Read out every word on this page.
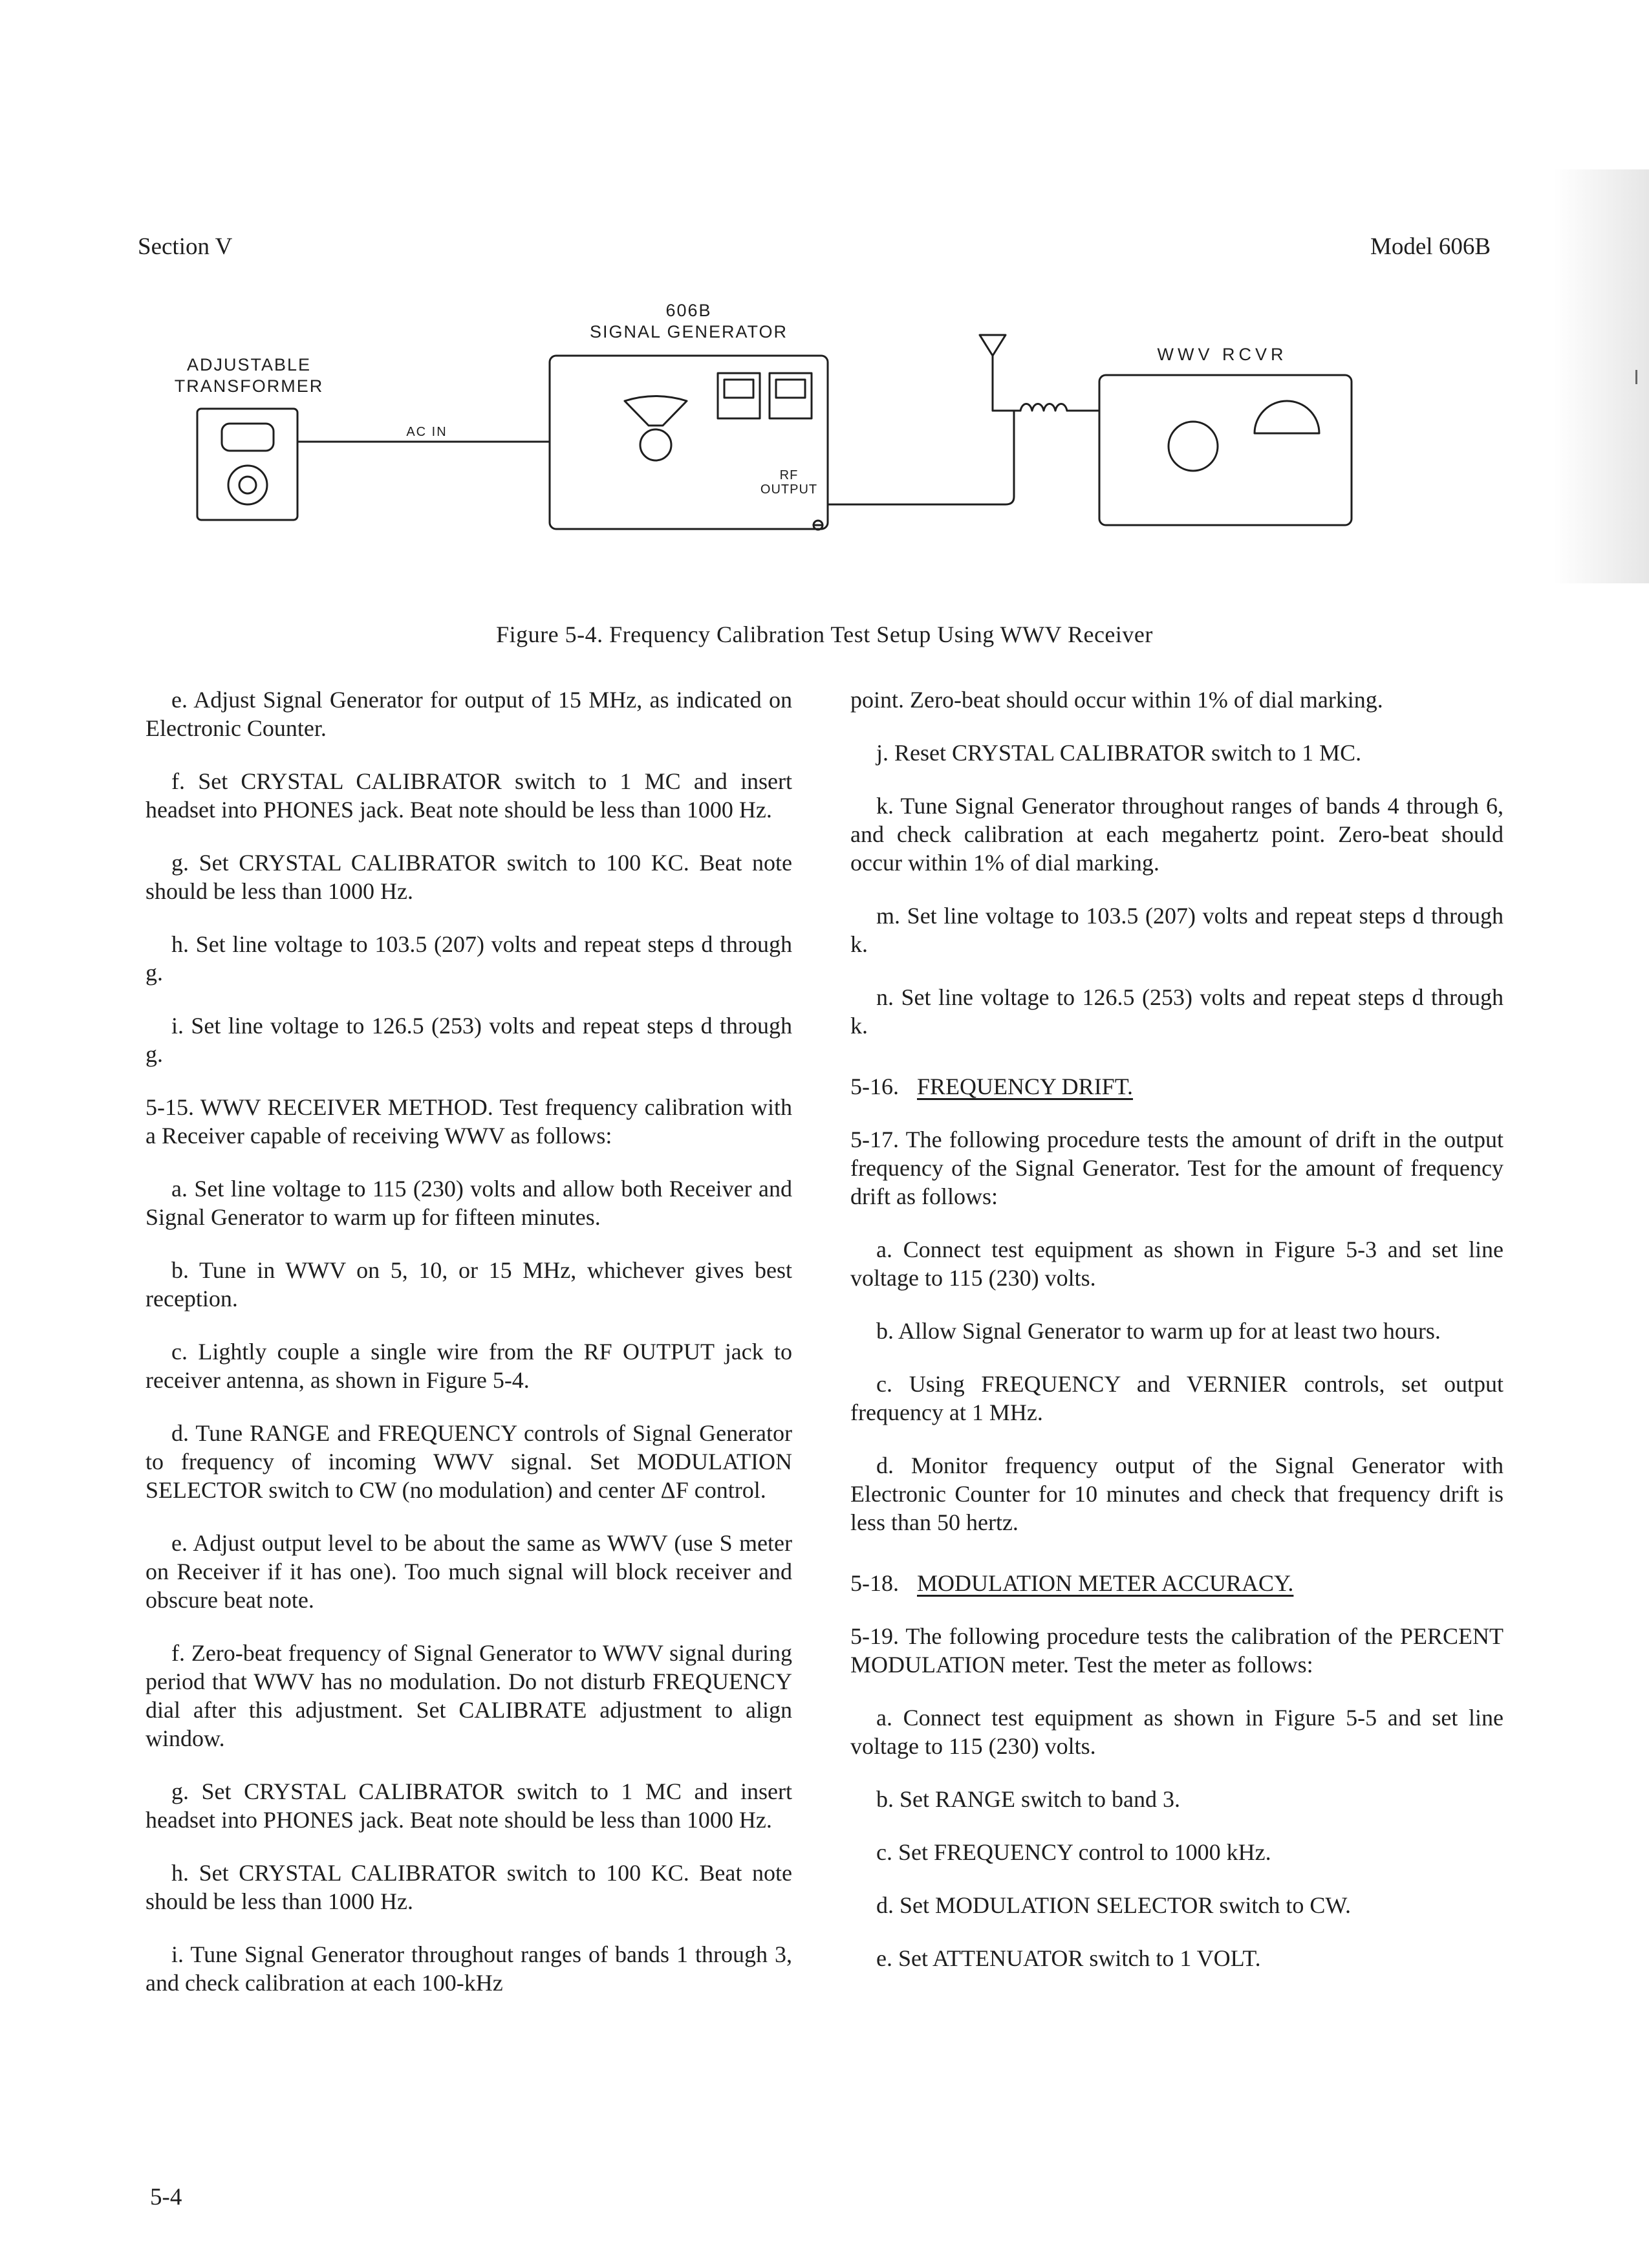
Section V	Model 606B
ADJUSTABLE
TRANSFORMER
606B
SIGNAL GENERATOR
AC IN
RF
OUTPUT
WWV RCVR
Figure 5-4. Frequency Calibration Test Setup Using WWV Receiver

e. Adjust Signal Generator for output of 15 MHz, as indicated on Electronic Counter.

f. Set CRYSTAL CALIBRATOR switch to 1 MC and insert headset into PHONES jack. Beat note should be less than 1000 Hz.

g. Set CRYSTAL CALIBRATOR switch to 100 KC. Beat note should be less than 1000 Hz.

h. Set line voltage to 103.5 (207) volts and repeat steps d through g.

i. Set line voltage to 126.5 (253) volts and repeat steps d through g.

5-15. WWV RECEIVER METHOD. Test frequency calibration with a Receiver capable of receiving WWV as follows:

a. Set line voltage to 115 (230) volts and allow both Receiver and Signal Generator to warm up for fifteen minutes.

b. Tune in WWV on 5, 10, or 15 MHz, whichever gives best reception.

c. Lightly couple a single wire from the RF OUTPUT jack to receiver antenna, as shown in Figure 5-4.

d. Tune RANGE and FREQUENCY controls of Signal Generator to frequency of incoming WWV signal. Set MODULATION SELECTOR switch to CW (no modulation) and center ΔF control.

e. Adjust output level to be about the same as WWV (use S meter on Receiver if it has one). Too much signal will block receiver and obscure beat note.

f. Zero-beat frequency of Signal Generator to WWV signal during period that WWV has no modulation. Do not disturb FREQUENCY dial after this adjustment. Set CALIBRATE adjustment to align window.

g. Set CRYSTAL CALIBRATOR switch to 1 MC and insert headset into PHONES jack. Beat note should be less than 1000 Hz.

h. Set CRYSTAL CALIBRATOR switch to 100 KC. Beat note should be less than 1000 Hz.

i. Tune Signal Generator throughout ranges of bands 1 through 3, and check calibration at each 100-kHz

point. Zero-beat should occur within 1% of dial marking.

j. Reset CRYSTAL CALIBRATOR switch to 1 MC.

k. Tune Signal Generator throughout ranges of bands 4 through 6, and check calibration at each megahertz point. Zero-beat should occur within 1% of dial marking.

m. Set line voltage to 103.5 (207) volts and repeat steps d through k.

n. Set line voltage to 126.5 (253) volts and repeat steps d through k.

5-16. FREQUENCY DRIFT.

5-17. The following procedure tests the amount of drift in the output frequency of the Signal Generator. Test for the amount of frequency drift as follows:

a. Connect test equipment as shown in Figure 5-3 and set line voltage to 115 (230) volts.

b. Allow Signal Generator to warm up for at least two hours.

c. Using FREQUENCY and VERNIER controls, set output frequency at 1 MHz.

d. Monitor frequency output of the Signal Generator with Electronic Counter for 10 minutes and check that frequency drift is less than 50 hertz.

5-18. MODULATION METER ACCURACY.

5-19. The following procedure tests the calibration of the PERCENT MODULATION meter. Test the meter as follows:

a. Connect test equipment as shown in Figure 5-5 and set line voltage to 115 (230) volts.

b. Set RANGE switch to band 3.

c. Set FREQUENCY control to 1000 kHz.

d. Set MODULATION SELECTOR switch to CW.

e. Set ATTENUATOR switch to 1 VOLT.

5-4
